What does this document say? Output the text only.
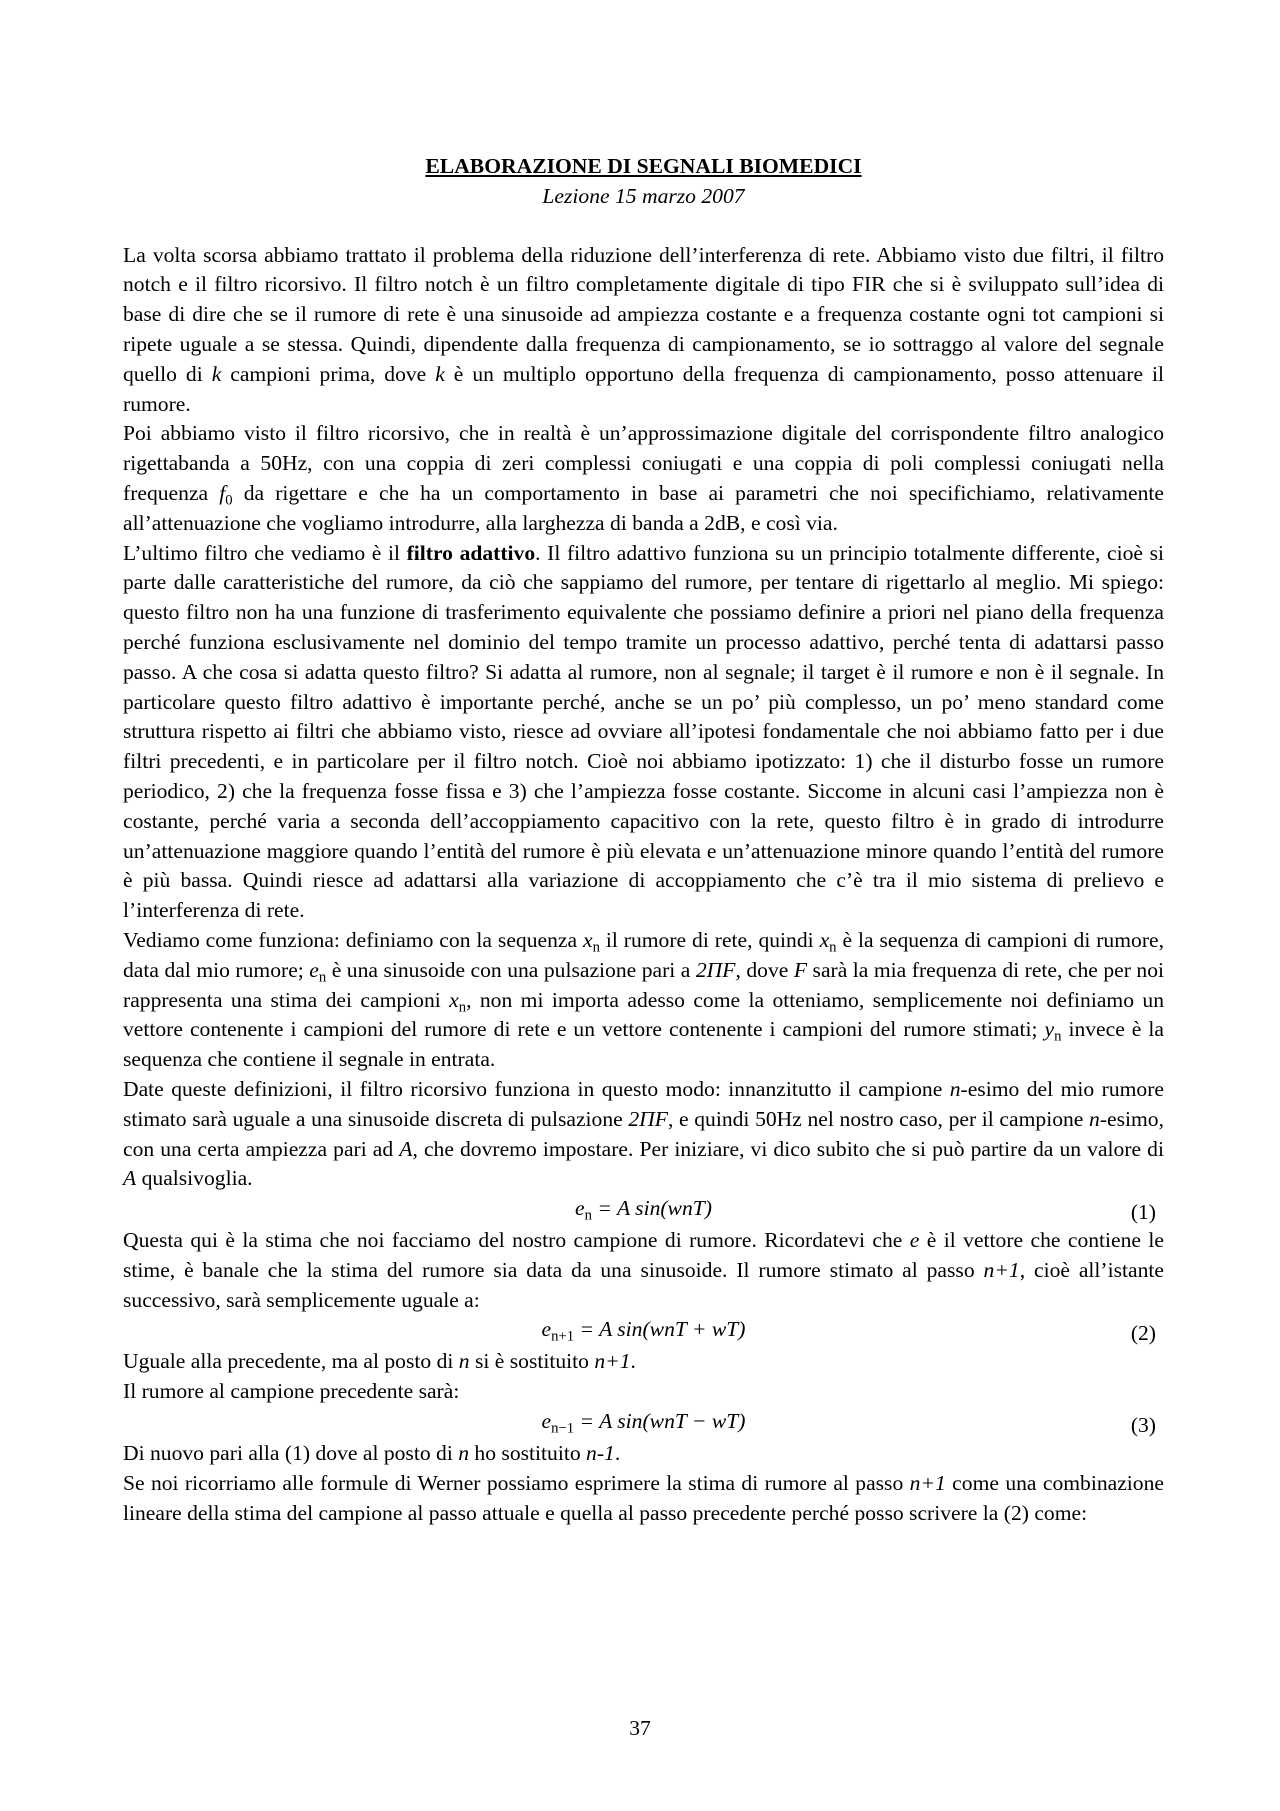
ELABORAZIONE DI SEGNALI BIOMEDICI

Lezione 15 marzo 2007

La volta scorsa abbiamo trattato il problema della riduzione dell’interferenza di rete. Abbiamo visto due filtri, il filtro notch e il filtro ricorsivo. Il filtro notch è un filtro completamente digitale di tipo FIR che si è sviluppato sull’idea di base di dire che se il rumore di rete è una sinusoide ad ampiezza costante e a frequenza costante ogni tot campioni si ripete uguale a se stessa. Quindi, dipendente dalla frequenza di campionamento, se io sottraggo al valore del segnale quello di k campioni prima, dove k è un multiplo opportuno della frequenza di campionamento, posso attenuare il rumore.

Poi abbiamo visto il filtro ricorsivo, che in realtà è un’approssimazione digitale del corrispondente filtro analogico rigettabanda a 50Hz, con una coppia di zeri complessi coniugati e una coppia di poli complessi coniugati nella frequenza $f_0$ da rigettare e che ha un comportamento in base ai parametri che noi specifichiamo, relativamente all’attenuazione che vogliamo introdurre, alla larghezza di banda a 2dB, e così via.

L’ultimo filtro che vediamo è il filtro adattivo. Il filtro adattivo funziona su un principio totalmente differente, cioè si parte dalle caratteristiche del rumore, da ciò che sappiamo del rumore, per tentare di rigettarlo al meglio. Mi spiego: questo filtro non ha una funzione di trasferimento equivalente che possiamo definire a priori nel piano della frequenza perché funziona esclusivamente nel dominio del tempo tramite un processo adattivo, perché tenta di adattarsi passo passo. A che cosa si adatta questo filtro? Si adatta al rumore, non al segnale; il target è il rumore e non è il segnale. In particolare questo filtro adattivo è importante perché, anche se un po’ più complesso, un po’ meno standard come struttura rispetto ai filtri che abbiamo visto, riesce ad ovviare all’ipotesi fondamentale che noi abbiamo fatto per i due filtri precedenti, e in particolare per il filtro notch. Cioè noi abbiamo ipotizzato: 1) che il disturbo fosse un rumore periodico, 2) che la frequenza fosse fissa e 3) che l’ampiezza fosse costante. Siccome in alcuni casi l’ampiezza non è costante, perché varia a seconda dell’accoppiamento capacitivo con la rete, questo filtro è in grado di introdurre un’attenuazione maggiore quando l’entità del rumore è più elevata e un’attenuazione minore quando l’entità del rumore è più bassa. Quindi riesce ad adattarsi alla variazione di accoppiamento che c’è tra il mio sistema di prelievo e l’interferenza di rete.

Vediamo come funziona: definiamo con la sequenza $x_n$ il rumore di rete, quindi $x_n$ è la sequenza di campioni di rumore, data dal mio rumore; $e_n$ è una sinusoide con una pulsazione pari a 2ΠF, dove F sarà la mia frequenza di rete, che per noi rappresenta una stima dei campioni $x_n$, non mi importa adesso come la otteniamo, semplicemente noi definiamo un vettore contenente i campioni del rumore di rete e un vettore contenente i campioni del rumore stimati; $y_n$ invece è la sequenza che contiene il segnale in entrata.

Date queste definizioni, il filtro ricorsivo funziona in questo modo: innanzitutto il campione n-esimo del mio rumore stimato sarà uguale a una sinusoide discreta di pulsazione 2ΠF, e quindi 50Hz nel nostro caso, per il campione n-esimo, con una certa ampiezza pari ad A, che dovremo impostare. Per iniziare, vi dico subito che si può partire da un valore di A qualsivoglia.

$e_n = A$ sin(wnT)	(1)

Questa qui è la stima che noi facciamo del nostro campione di rumore. Ricordatevi che e è il vettore che contiene le stime, è banale che la stima del rumore sia data da una sinusoide. Il rumore stimato al passo n+1, cioè all’istante successivo, sarà semplicemente uguale a:

$e_{n+1} = A$ sin(wnT + wT)	(2)

Uguale alla precedente, ma al posto di n si è sostituito n+1.

Il rumore al campione precedente sarà:

$e_{n-1} = A$ sin(wnT − wT)	(3)

Di nuovo pari alla (1) dove al posto di n ho sostituito n-1.

Se noi ricorriamo alle formule di Werner possiamo esprimere la stima di rumore al passo n+1 come una combinazione lineare della stima del campione al passo attuale e quella al passo precedente perché posso scrivere la (2) come:

37
